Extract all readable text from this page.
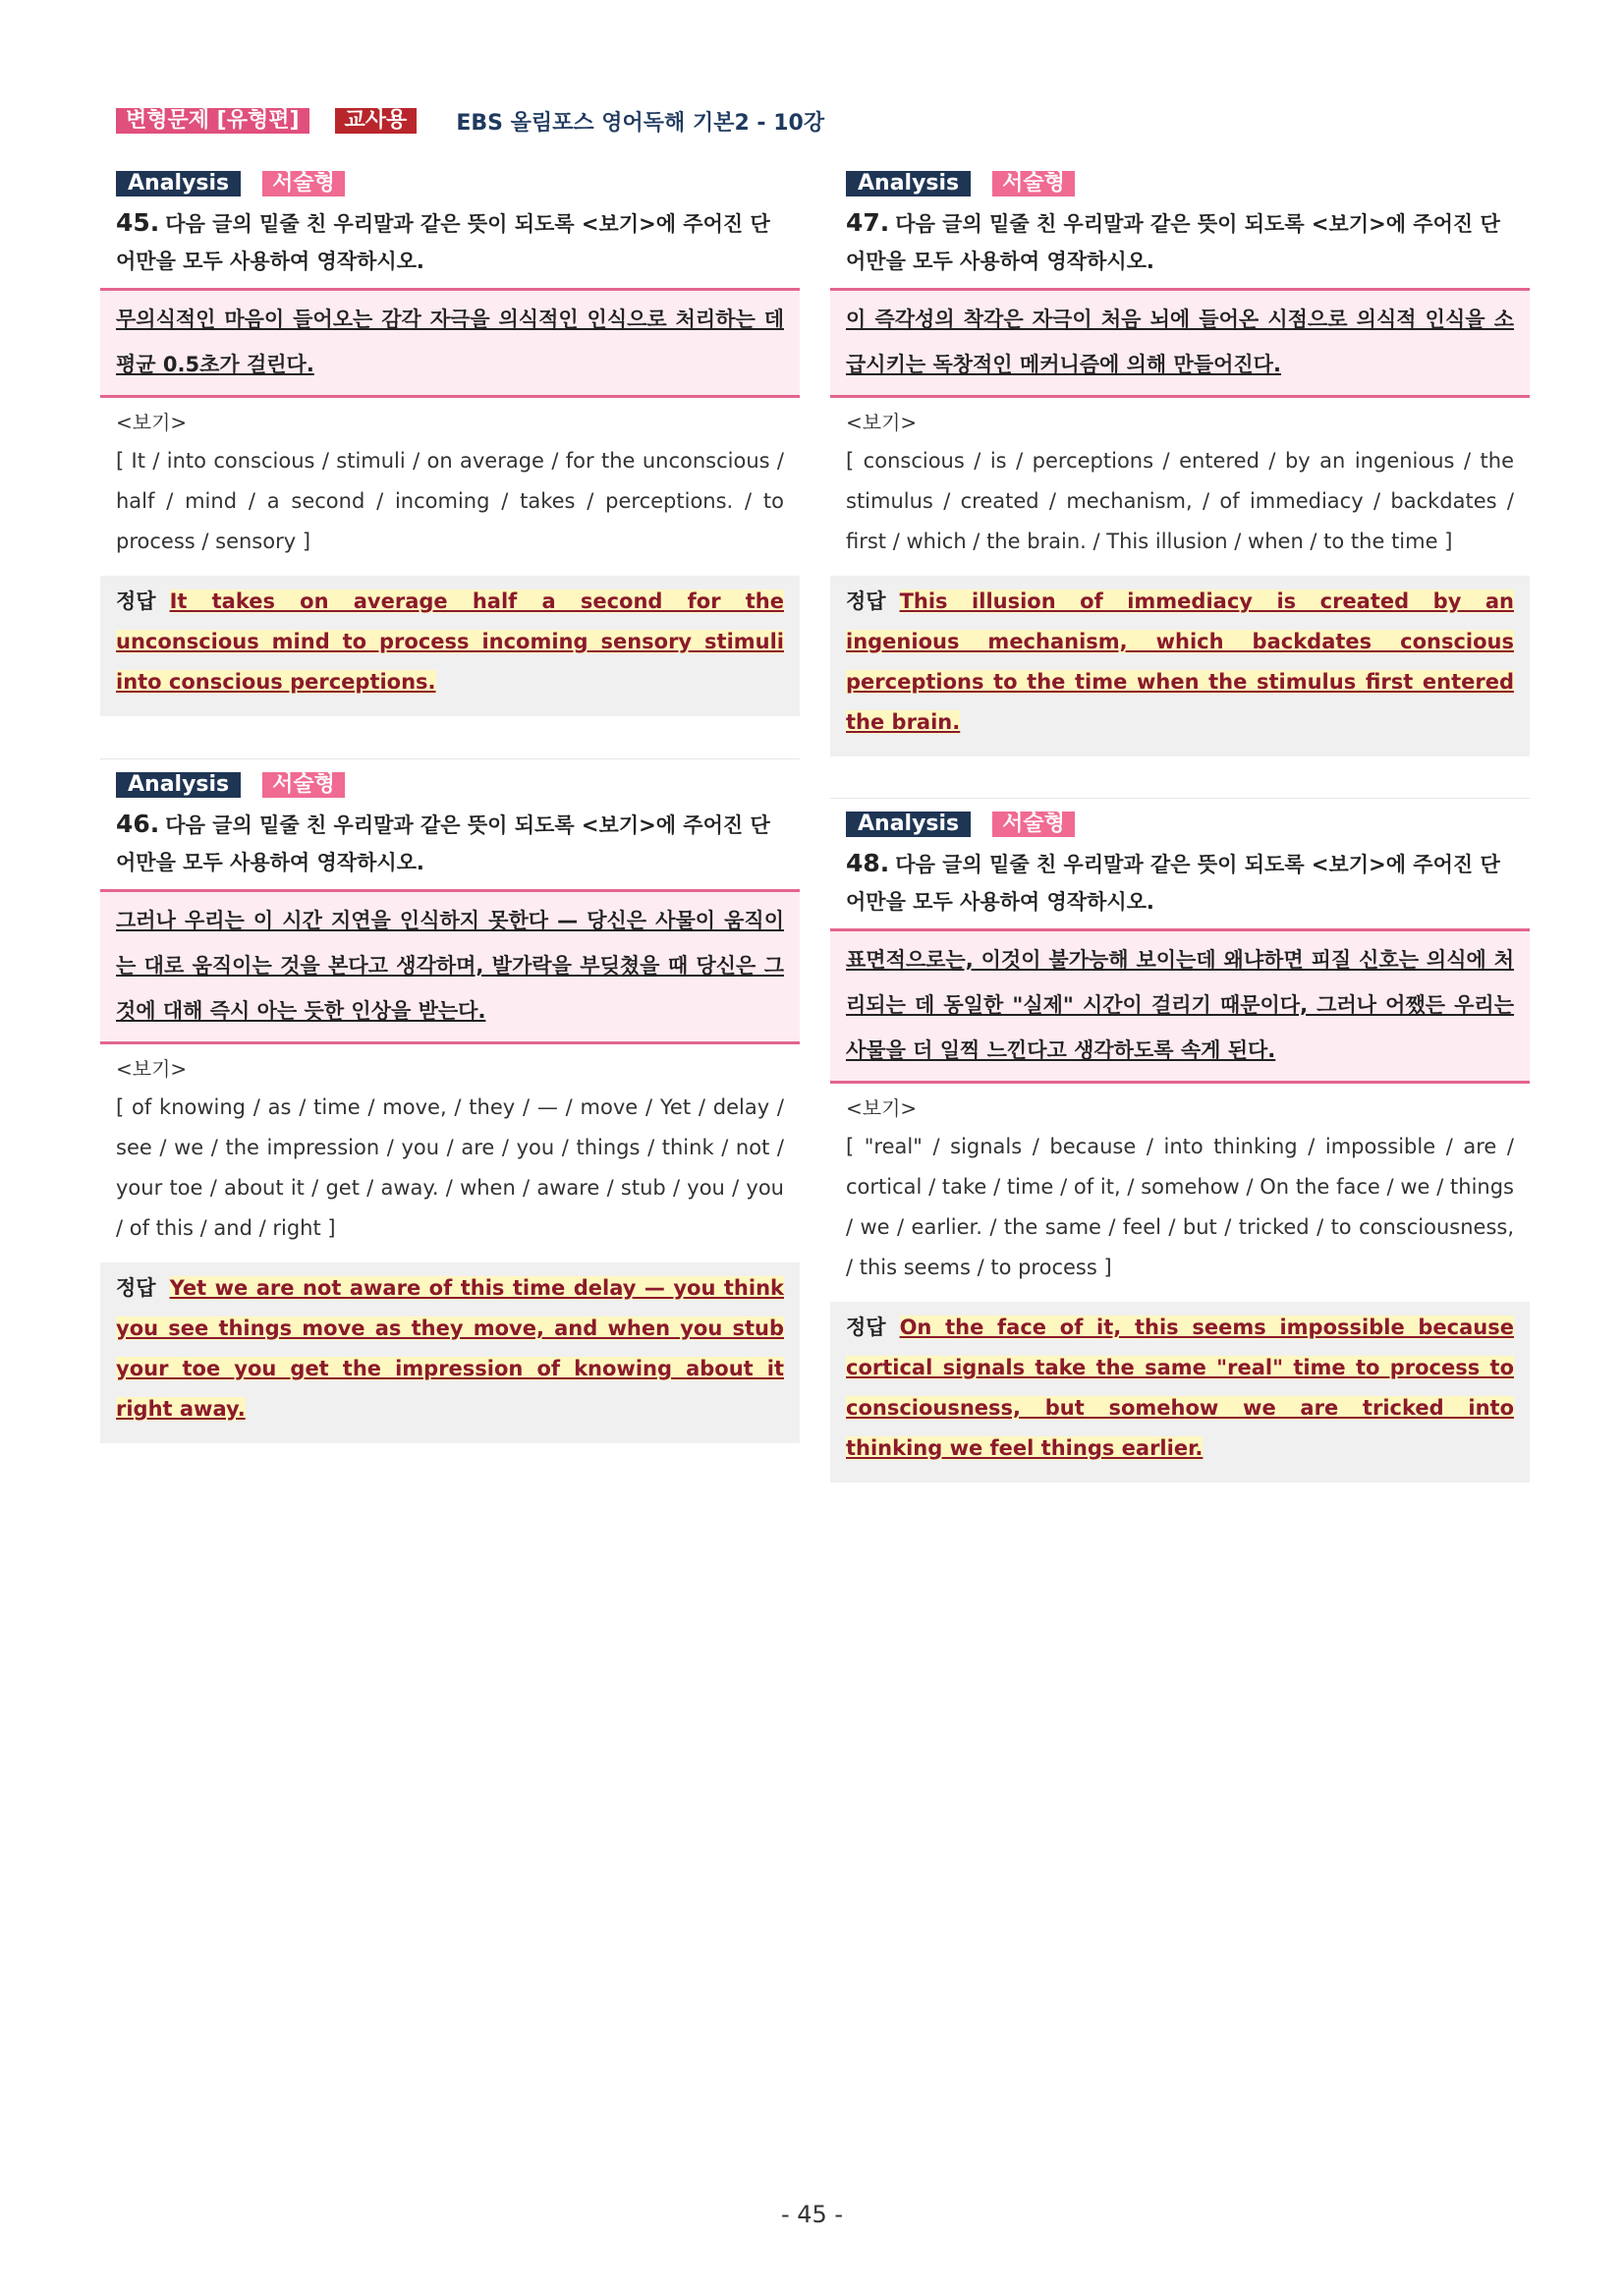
변형문제 [유형편]	교사용	EBS 올림포스 영어독해 기본2 - 10강
Analysis	서술형
45. 다음 글의 밑줄 친 우리말과 같은 뜻이 되도록 <보기>에 주어진 단어만을 모두 사용하여 영작하시오.
무의식적인 마음이 들어오는 감각 자극을 의식적인 인식으로 처리하는 데 평균 0.5초가 걸린다.
<보기>
[ It / into conscious / stimuli / on average / for the unconscious / half / mind / a second / incoming / takes / perceptions. / to process / sensory ]
정답 It takes on average half a second for the unconscious mind to process incoming sensory stimuli into conscious perceptions.
Analysis	서술형
46. 다음 글의 밑줄 친 우리말과 같은 뜻이 되도록 <보기>에 주어진 단어만을 모두 사용하여 영작하시오.
그러나 우리는 이 시간 지연을 인식하지 못한다 — 당신은 사물이 움직이는 대로 움직이는 것을 본다고 생각하며, 발가락을 부딪쳤을 때 당신은 그것에 대해 즉시 아는 듯한 인상을 받는다.
<보기>
[ of knowing / as / time / move, / they / — / move / Yet / delay / see / we / the impression / you / are / you / things / think / not / your toe / about it / get / away. / when / aware / stub / you / you / of this / and / right ]
정답 Yet we are not aware of this time delay — you think you see things move as they move, and when you stub your toe you get the impression of knowing about it right away.
Analysis	서술형
47. 다음 글의 밑줄 친 우리말과 같은 뜻이 되도록 <보기>에 주어진 단어만을 모두 사용하여 영작하시오.
이 즉각성의 착각은 자극이 처음 뇌에 들어온 시점으로 의식적 인식을 소급시키는 독창적인 메커니즘에 의해 만들어진다.
<보기>
[ conscious / is / perceptions / entered / by an ingenious / the stimulus / created / mechanism, / of immediacy / backdates / first / which / the brain. / This illusion / when / to the time ]
정답 This illusion of immediacy is created by an ingenious mechanism, which backdates conscious perceptions to the time when the stimulus first entered the brain.
Analysis	서술형
48. 다음 글의 밑줄 친 우리말과 같은 뜻이 되도록 <보기>에 주어진 단어만을 모두 사용하여 영작하시오.
표면적으로는, 이것이 불가능해 보이는데 왜냐하면 피질 신호는 의식에 처리되는 데 동일한 "실제" 시간이 걸리기 때문이다, 그러나 어쨌든 우리는 사물을 더 일찍 느낀다고 생각하도록 속게 된다.
<보기>
[ "real" / signals / because / into thinking / impossible / are / cortical / take / time / of it, / somehow / On the face / we / things / we / earlier. / the same / feel / but / tricked / to consciousness, / this seems / to process ]
정답 On the face of it, this seems impossible because cortical signals take the same "real" time to process to consciousness, but somehow we are tricked into thinking we feel things earlier.
- 45 -
